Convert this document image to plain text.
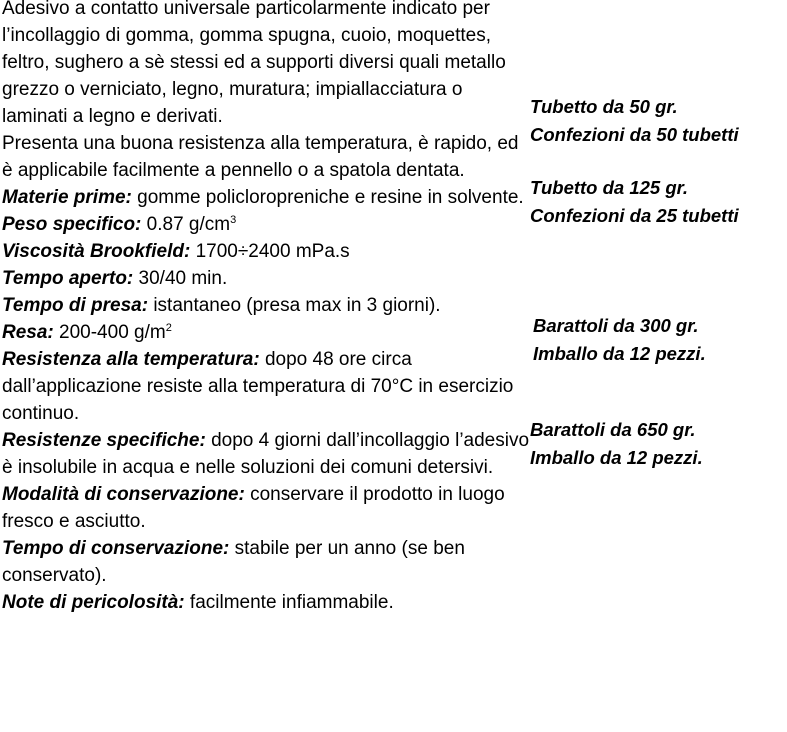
Adesivo a contatto universale particolarmente indicato per l’incollaggio di gomma, gomma spugna, cuoio, moquettes, feltro, sughero a sè stessi ed a supporti diversi quali metallo grezzo o verniciato, legno, muratura; impiallacciatura o laminati a legno e derivati.

Presenta una buona resistenza alla temperatura, è rapido, ed è applicabile facilmente a pennello o a spatola dentata.

Materie prime: gomme policloropreniche e resine in solvente.

Peso specifico: 0.87 $g/cm^3$

Viscosità Brookfield: 1700÷2400 mPa.s

Tempo aperto: 30/40 min.

Tempo di presa: istantaneo (presa max in 3 giorni).

Resa: 200-400 $g/m^2$

Resistenza alla temperatura: dopo 48 ore circa dall’applicazione resiste alla temperatura di 70°C in esercizio continuo.

Resistenze specifiche: dopo 4 giorni dall’incollaggio l’adesivo è insolubile in acqua e nelle soluzioni dei comuni detersivi.

Modalità di conservazione: conservare il prodotto in luogo fresco e asciutto.

Tempo di conservazione: stabile per un anno (se ben conservato).

Note di pericolosità: facilmente infiammabile.

Tubetto da 50 gr.
Confezioni da 50 tubetti
Tubetto da 125 gr.
Confezioni da 25 tubetti
Barattoli da 300 gr.
Imballo da 12 pezzi.
Barattoli da 650 gr.
Imballo da 12 pezzi.
